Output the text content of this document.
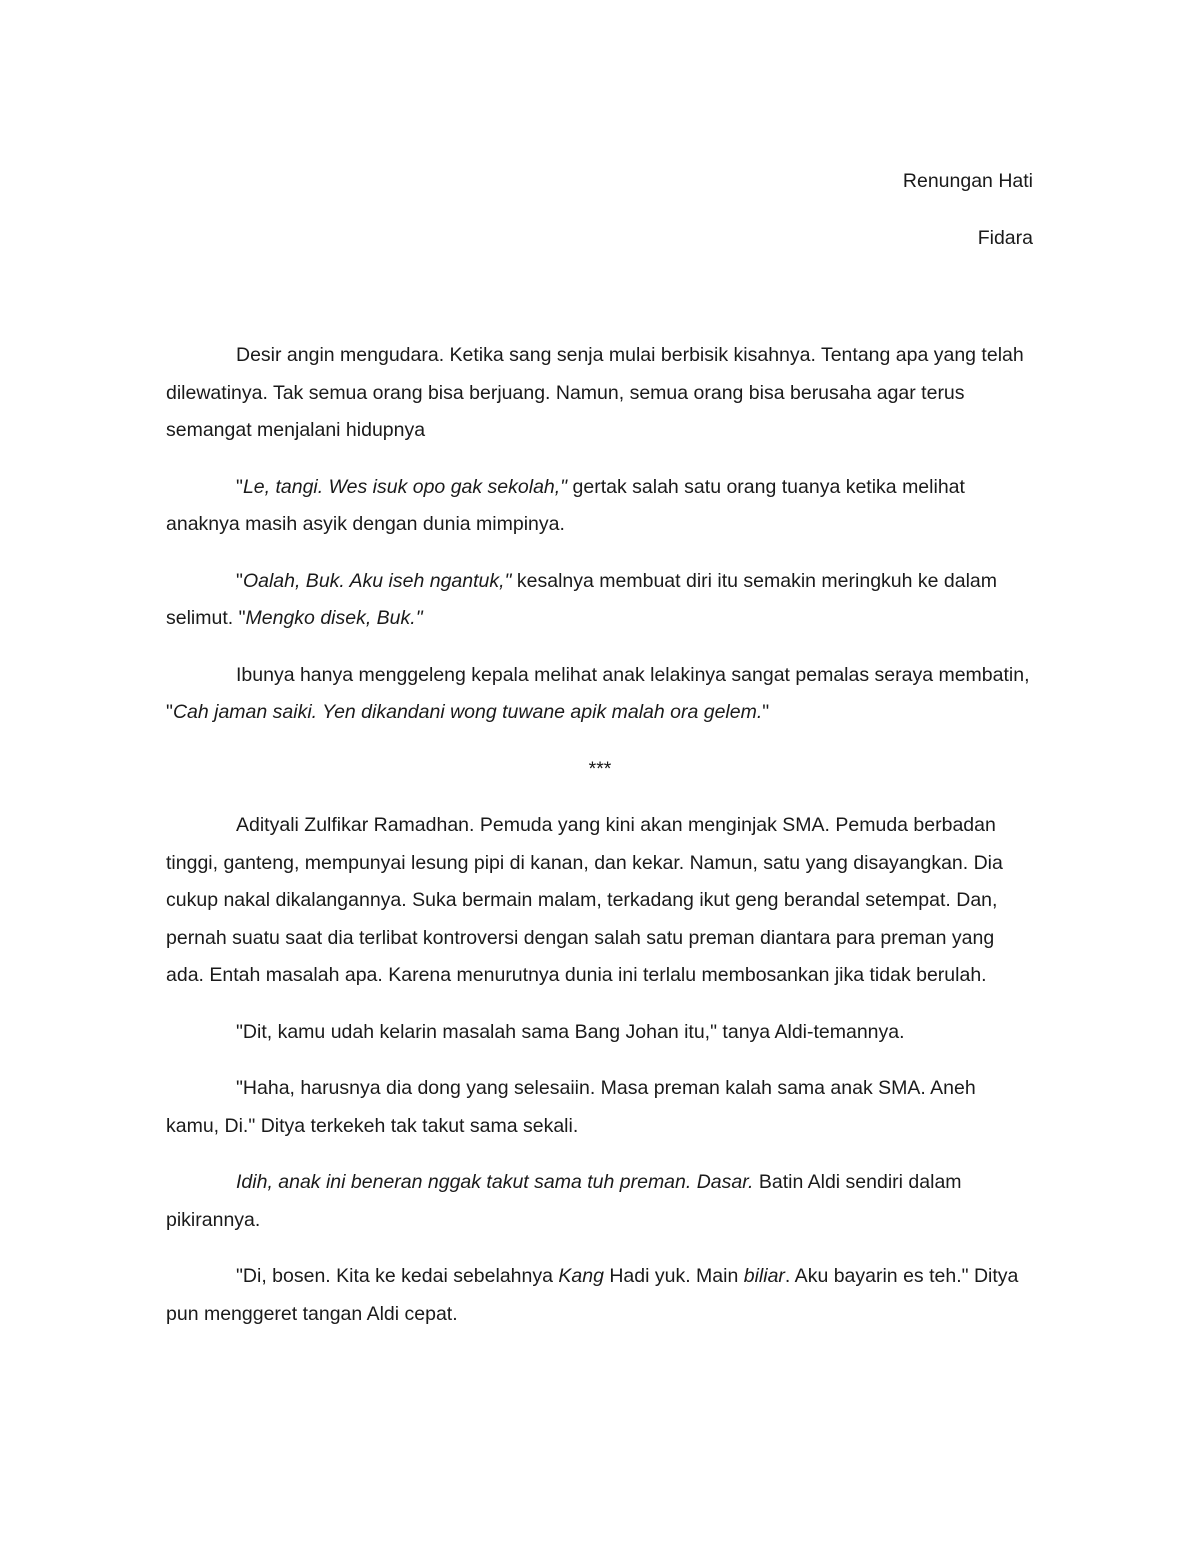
Renungan Hati
Fidara

Desir angin mengudara. Ketika sang senja mulai berbisik kisahnya. Tentang apa yang telah dilewatinya. Tak semua orang bisa berjuang. Namun, semua orang bisa berusaha agar terus semangat menjalani hidupnya

"Le, tangi. Wes isuk opo gak sekolah," gertak salah satu orang tuanya ketika melihat anaknya masih asyik dengan dunia mimpinya.

"Oalah, Buk. Aku iseh ngantuk," kesalnya membuat diri itu semakin meringkuh ke dalam selimut. "Mengko disek, Buk."

Ibunya hanya menggeleng kepala melihat anak lelakinya sangat pemalas seraya membatin, "Cah jaman saiki. Yen dikandani wong tuwane apik malah ora gelem."

***

Adityali Zulfikar Ramadhan. Pemuda yang kini akan menginjak SMA. Pemuda berbadan tinggi, ganteng, mempunyai lesung pipi di kanan, dan kekar. Namun, satu yang disayangkan. Dia cukup nakal dikalangannya. Suka bermain malam, terkadang ikut geng berandal setempat. Dan, pernah suatu saat dia terlibat kontroversi dengan salah satu preman diantara para preman yang ada. Entah masalah apa. Karena menurutnya dunia ini terlalu membosankan jika tidak berulah.

"Dit, kamu udah kelarin masalah sama Bang Johan itu," tanya Aldi-temannya.

"Haha, harusnya dia dong yang selesaiin. Masa preman kalah sama anak SMA. Aneh kamu, Di." Ditya terkekeh tak takut sama sekali.

Idih, anak ini beneran nggak takut sama tuh preman. Dasar. Batin Aldi sendiri dalam pikirannya.

"Di, bosen. Kita ke kedai sebelahnya Kang Hadi yuk. Main biliar. Aku bayarin es teh." Ditya pun menggeret tangan Aldi cepat.
